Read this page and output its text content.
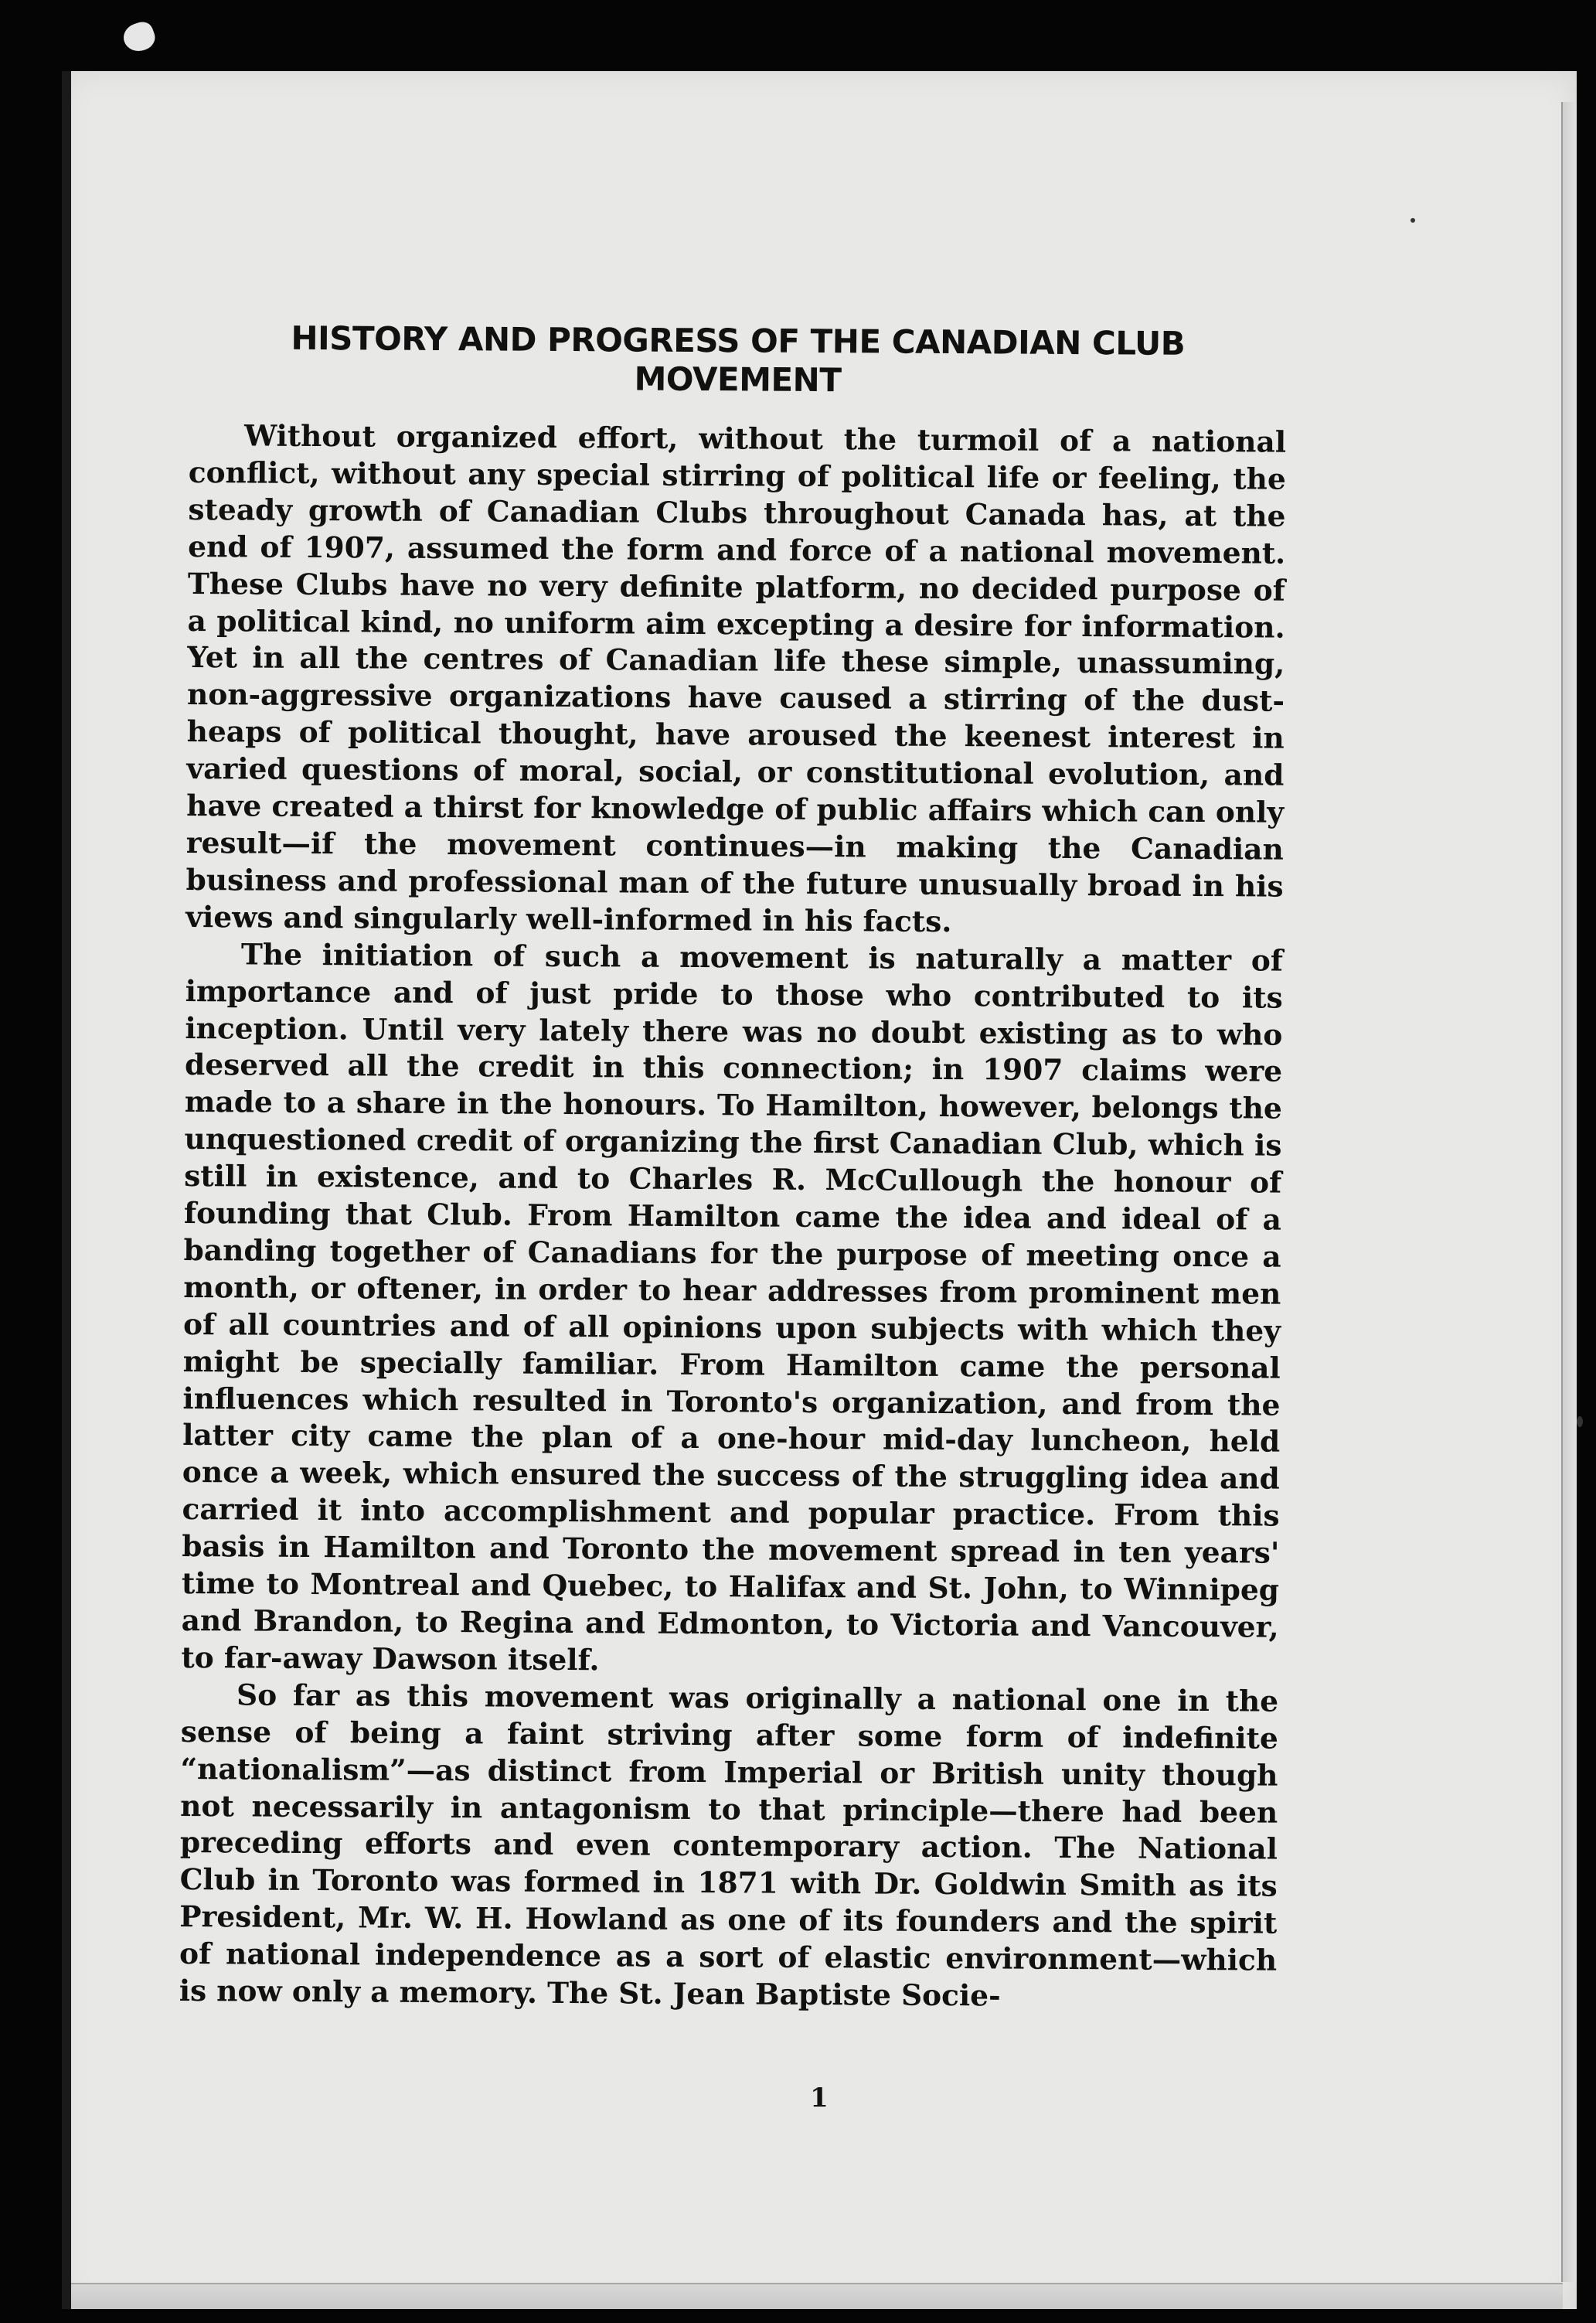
HISTORY AND PROGRESS OF THE CANADIAN CLUB
MOVEMENT

Without organized effort, without the turmoil of a national conflict, without any special stirring of political life or feeling, the steady growth of Canadian Clubs throughout Canada has, at the end of 1907, assumed the form and force of a national movement. These Clubs have no very definite platform, no decided purpose of a political kind, no uniform aim excepting a desire for information. Yet in all the centres of Canadian life these simple, unassuming, non-aggressive organizations have caused a stirring of the dust-heaps of political thought, have aroused the keenest interest in varied questions of moral, social, or constitutional evolution, and have created a thirst for knowledge of public affairs which can only result—if the movement continues—in making the Canadian business and professional man of the future unusually broad in his views and singularly well-informed in his facts.

The initiation of such a movement is naturally a matter of importance and of just pride to those who contributed to its inception. Until very lately there was no doubt existing as to who deserved all the credit in this connection; in 1907 claims were made to a share in the honours. To Hamilton, however, belongs the unquestioned credit of organizing the first Canadian Club, which is still in existence, and to Charles R. McCullough the honour of founding that Club. From Hamilton came the idea and ideal of a banding together of Canadians for the purpose of meeting once a month, or oftener, in order to hear addresses from prominent men of all countries and of all opinions upon subjects with which they might be specially familiar. From Hamilton came the personal influences which resulted in Toronto's organization, and from the latter city came the plan of a one-hour mid-day luncheon, held once a week, which ensured the success of the struggling idea and carried it into accomplishment and popular practice. From this basis in Hamilton and Toronto the movement spread in ten years' time to Montreal and Quebec, to Halifax and St. John, to Winnipeg and Brandon, to Regina and Edmonton, to Victoria and Vancouver, to far-away Dawson itself.

So far as this movement was originally a national one in the sense of being a faint striving after some form of indefinite “nationalism”—as distinct from Imperial or British unity though not necessarily in antagonism to that principle—there had been preceding efforts and even contemporary action. The National Club in Toronto was formed in 1871 with Dr. Goldwin Smith as its President, Mr. W. H. Howland as one of its founders and the spirit of national independence as a sort of elastic environment—which is now only a memory. The St. Jean Baptiste Socie-

1
